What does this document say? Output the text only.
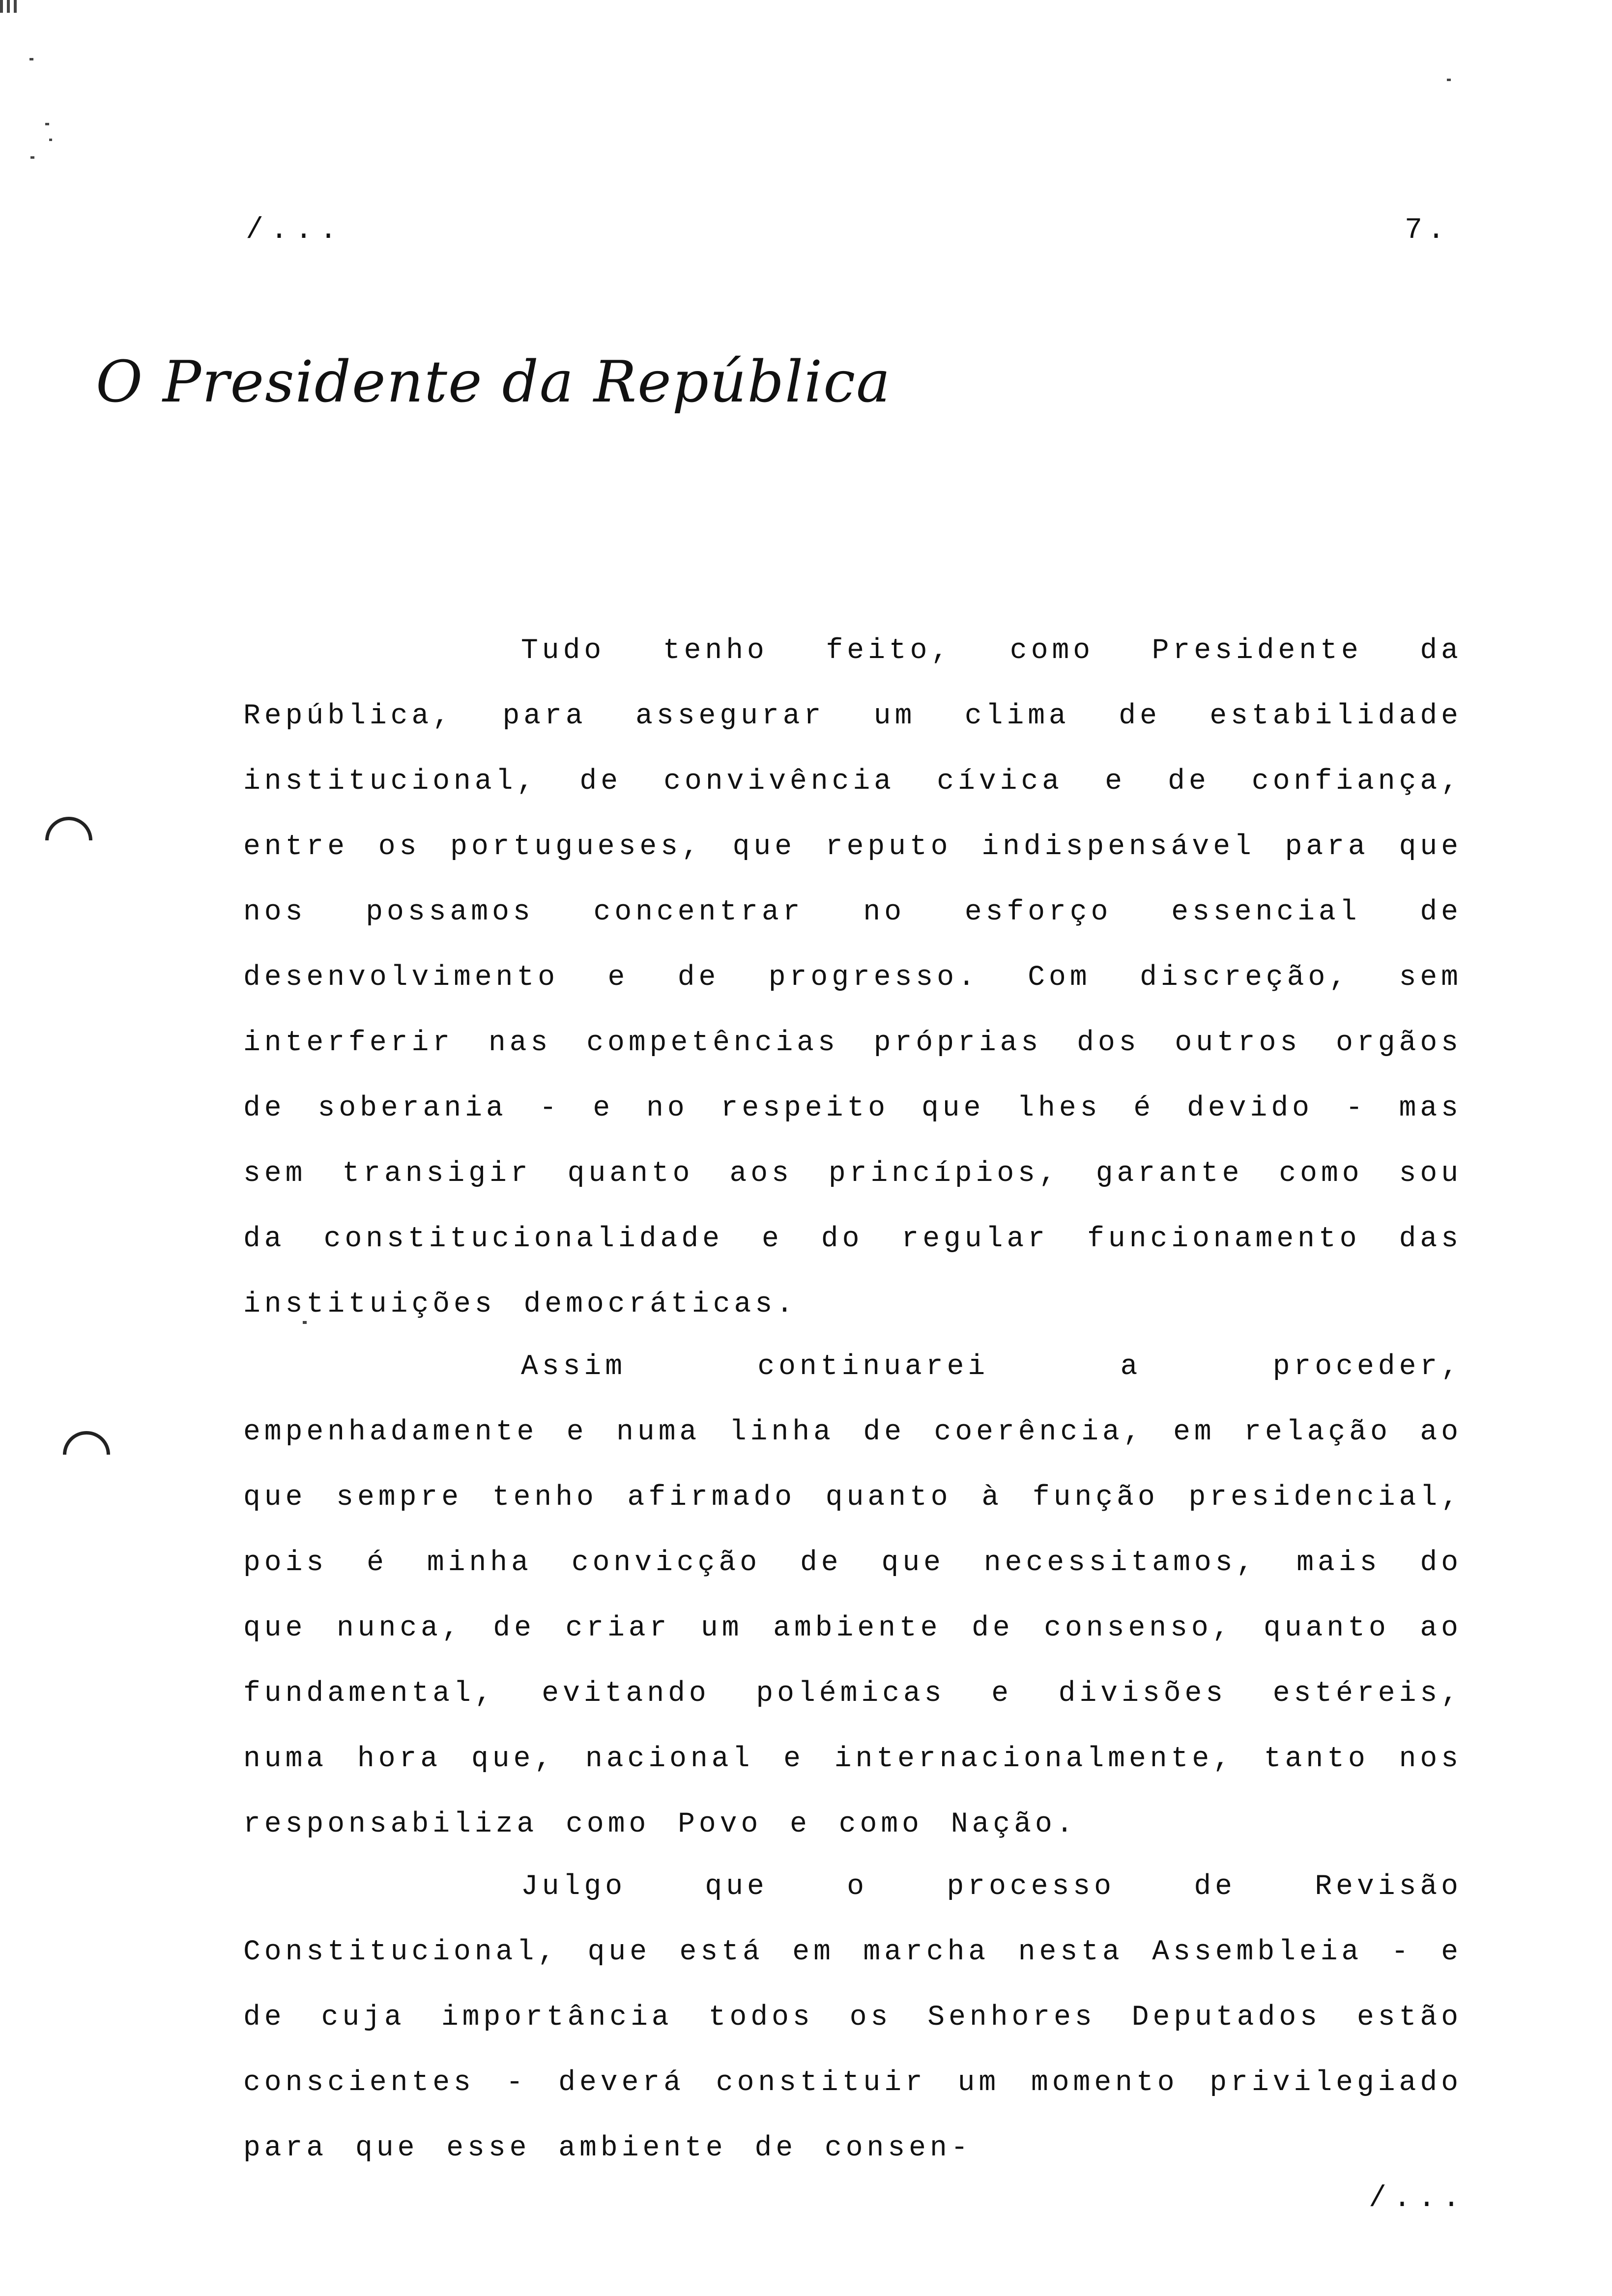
/...	7.
O Presidente da República

Tudo tenho feito, como Presidente da República, para assegurar um clima de estabilidade institucional, de convivência cívica e de confiança, entre os portugueses, que reputo indispensável para que nos possamos concentrar no esforço essencial de desenvolvimento e de progresso. Com discreção, sem interferir nas competências próprias dos outros orgãos de soberania - e no respeito que lhes é devido - mas sem transigir quanto aos princípios, garante como sou da constitucionalidade e do regular funcionamento das instituições democráticas.

Assim continuarei a proceder, empenhadamente e numa linha de coerência, em relação ao que sempre tenho afirmado quanto à função presidencial, pois é minha convicção de que necessitamos, mais do que nunca, de criar um ambiente de consenso, quanto ao fundamental, evitando polémicas e divisões estéreis, numa hora que, nacional e internacionalmente, tanto nos responsabiliza como Povo e como Nação.

Julgo que o processo de Revisão Constitucional, que está em marcha nesta Assembleia - e de cuja importância todos os Senhores Deputados estão conscientes - deverá constituir um momento privilegiado para que esse ambiente de consen-

/...
